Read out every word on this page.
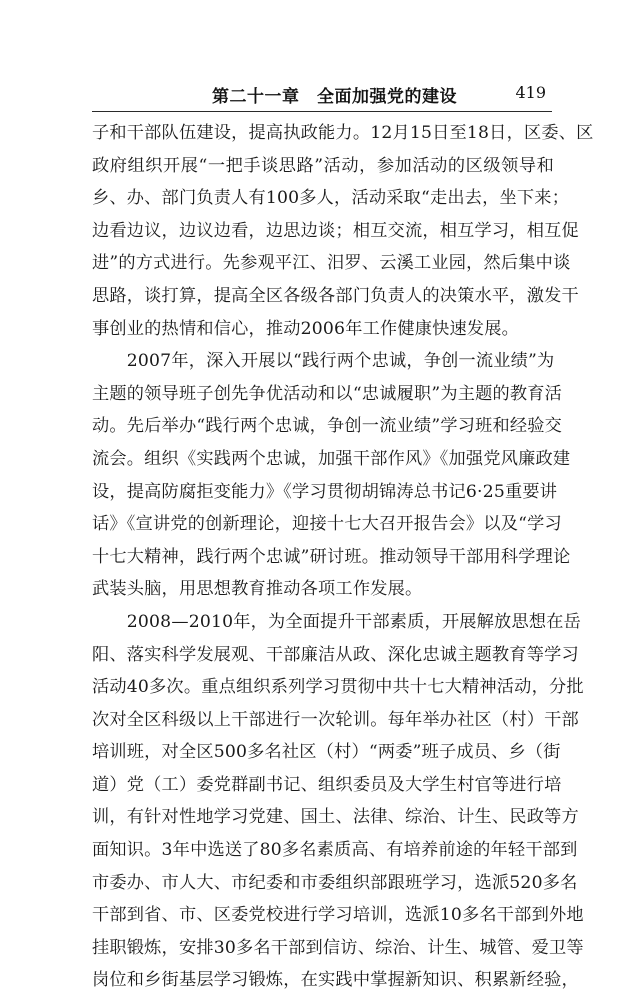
第二十一章　全面加强党的建设	419
子和干部队伍建设，提高执政能力。12月15日至18日，区委、区
政府组织开展“一把手谈思路”活动，参加活动的区级领导和
乡、办、部门负责人有100多人，活动采取“走出去，坐下来；
边看边议，边议边看，边思边谈；相互交流，相互学习，相互促
进”的方式进行。先参观平江、汨罗、云溪工业园，然后集中谈
思路，谈打算，提高全区各级各部门负责人的决策水平，激发干
事创业的热情和信心，推动2006年工作健康快速发展。
　　2007年，深入开展以“践行两个忠诚，争创一流业绩”为
主题的领导班子创先争优活动和以“忠诚履职”为主题的教育活
动。先后举办“践行两个忠诚，争创一流业绩”学习班和经验交
流会。组织《实践两个忠诚，加强干部作风》《加强党风廉政建
设，提高防腐拒变能力》《学习贯彻胡锦涛总书记6·25重要讲
话》《宣讲党的创新理论，迎接十七大召开报告会》以及“学习
十七大精神，践行两个忠诚”研讨班。推动领导干部用科学理论
武装头脑，用思想教育推动各项工作发展。
　　2008—2010年，为全面提升干部素质，开展解放思想在岳
阳、落实科学发展观、干部廉洁从政、深化忠诚主题教育等学习
活动40多次。重点组织系列学习贯彻中共十七大精神活动，分批
次对全区科级以上干部进行一次轮训。每年举办社区（村）干部
培训班，对全区500多名社区（村）“两委”班子成员、乡（街
道）党（工）委党群副书记、组织委员及大学生村官等进行培
训，有针对性地学习党建、国土、法律、综治、计生、民政等方
面知识。3年中选送了80多名素质高、有培养前途的年轻干部到
市委办、市人大、市纪委和市委组织部跟班学习，选派520多名
干部到省、市、区委党校进行学习培训，选派10多名干部到外地
挂职锻炼，安排30多名干部到信访、综治、计生、城管、爱卫等
岗位和乡街基层学习锻炼，在实践中掌握新知识、积累新经验，
